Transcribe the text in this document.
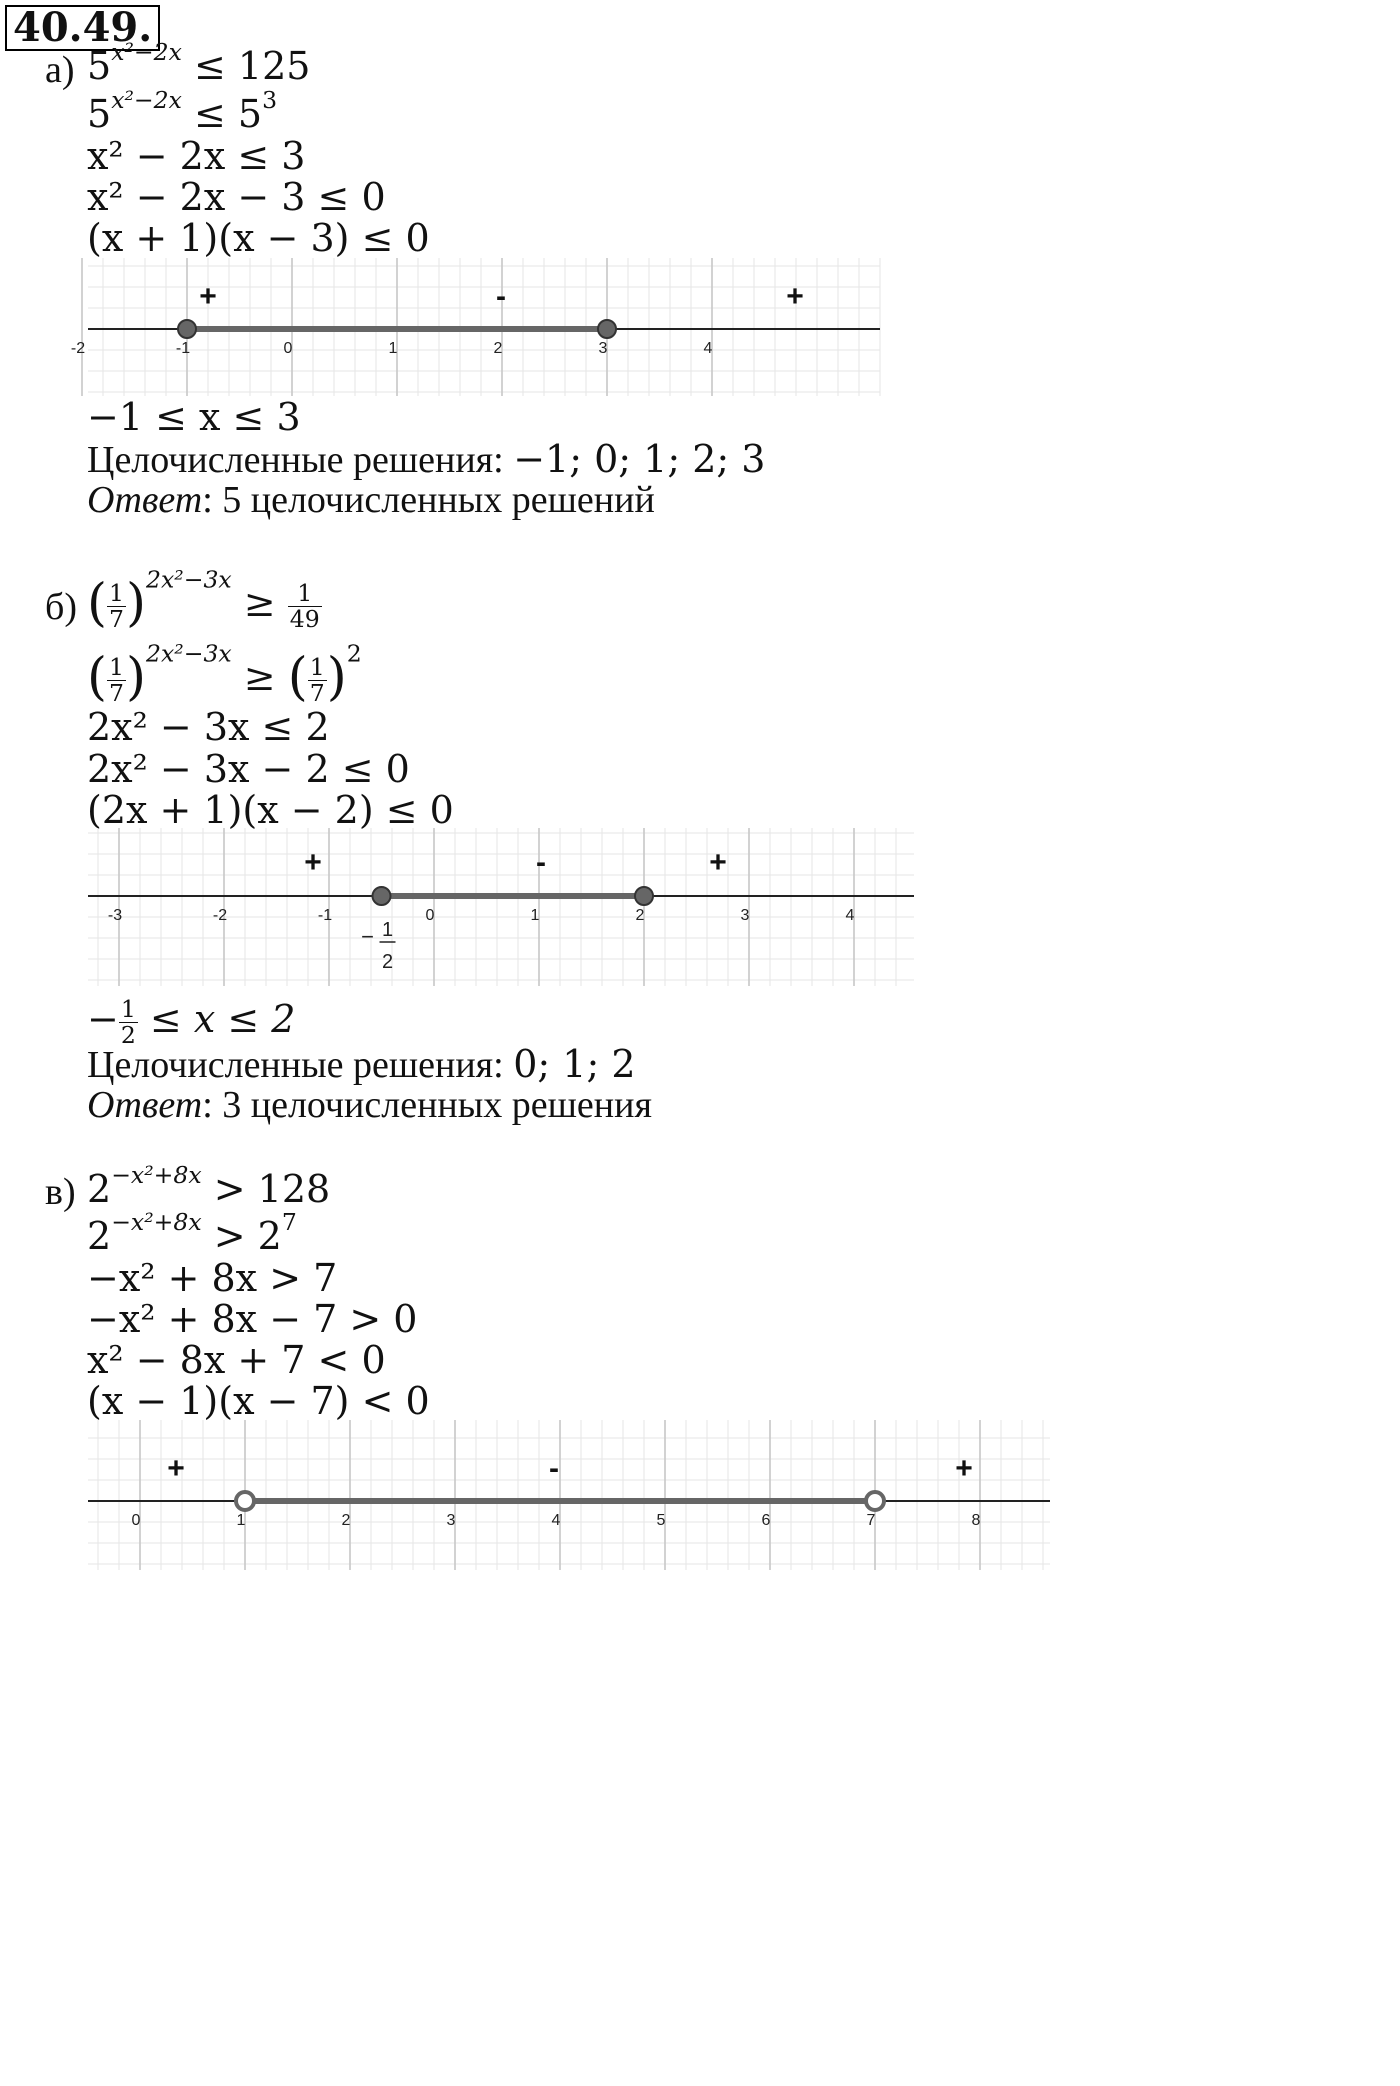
40.49.
а) $5^{x^2-2x} \le 125$
$5^{x^2-2x} \le 5^3$
x² − 2x ≤ 3
x² − 2x − 3 ≤ 0
(x + 1)(x − 3) ≤ 0
-2	-1	0	1	2	3	4
+	-	+
−1 ≤ x ≤ 3
Целочисленные решения: −1; 0; 1; 2; 3
Ответ: 5 целочисленных решений
б) ( $\frac{1}{7} )^{2x^2-3x} \ge \frac{1}{49}$
( $\frac{1}{7} )^{2x^2-3x}$ ≥ ( $\frac{1}{7} )^2$
2x² − 3x ≤ 2
2x² − 3x − 2 ≤ 0
(2x + 1)(x − 2) ≤ 0
-3	-2	-1	0	1	2	3	4
+	-	+
− 1
2
− $\frac{1}{2} \le x \le 2$
Целочисленные решения: 0; 1; 2
Ответ: 3 целочисленных решения
в) $2^{-x^2+8x} > 128$
$2^{-x^2+8x} > 2^7$
−x² + 8x > 7
−x² + 8x − 7 > 0
x² − 8x + 7 < 0
(x − 1)(x − 7) < 0
0	1	2	3	4	5	6	7	8
+	-	+
